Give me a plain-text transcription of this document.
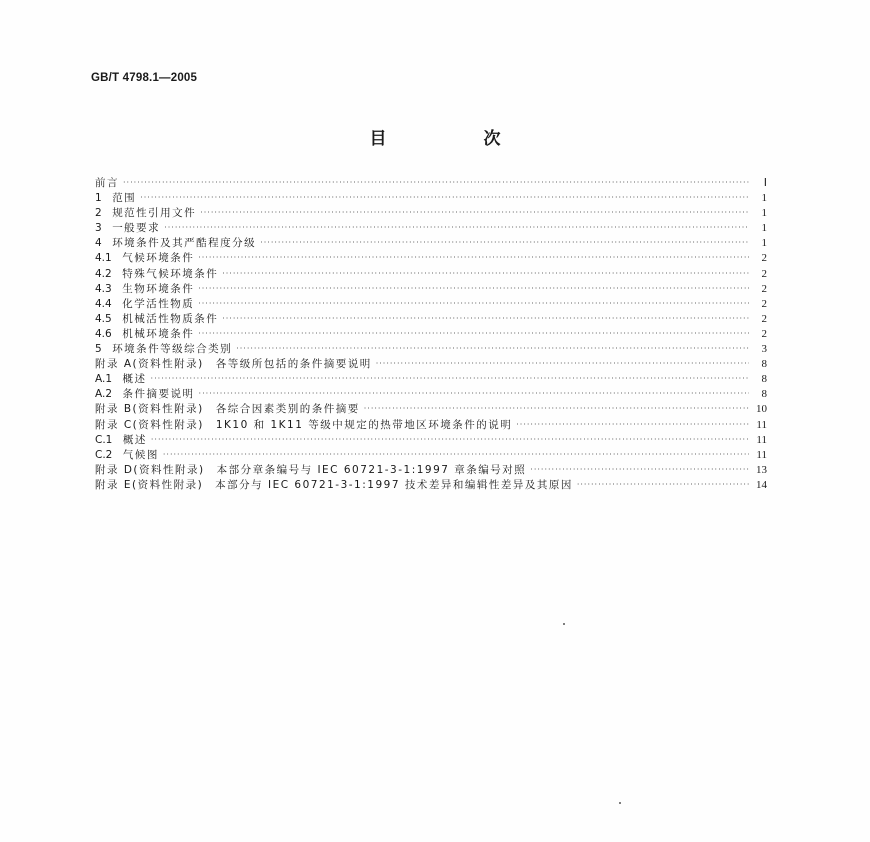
GB/T 4798.1—2005
目　次
前言 ·····	Ⅰ
1　 范围 ·····	1
2　 规范性引用文件 ·····	1
3　 一般要求 ·····	1
4　 环境条件及其严酷程度分级 ·····	1
4.1　 气候环境条件 ·····	2
4.2　 特殊气候环境条件 ·····	2
4.3　 生物环境条件 ·····	2
4.4　 化学活性物质 ·····	2
4.5　 机械活性物质条件 ·····	2
4.6　 机械环境条件 ·····	2
5　 环境条件等级综合类别 ·····	3
附录 A(资料性附录)　各等级所包括的条件摘要说明 ·····	8
A.1　 概述 ·····	8
A.2　 条件摘要说明 ·····	8
附录 B(资料性附录)　各综合因素类别的条件摘要 ·····	10
附录 C(资料性附录)　1K10 和 1K11 等级中规定的热带地区环境条件的说明 ·····	11
C.1　 概述 ·····	11
C.2　 气候图 ·····	11
附录 D(资料性附录)　本部分章条编号与 IEC 60721-3-1:1997 章条编号对照 ·····	13
附录 E(资料性附录)　本部分与 IEC 60721-3-1:1997 技术差异和编辑性差异及其原因 ·····	14
